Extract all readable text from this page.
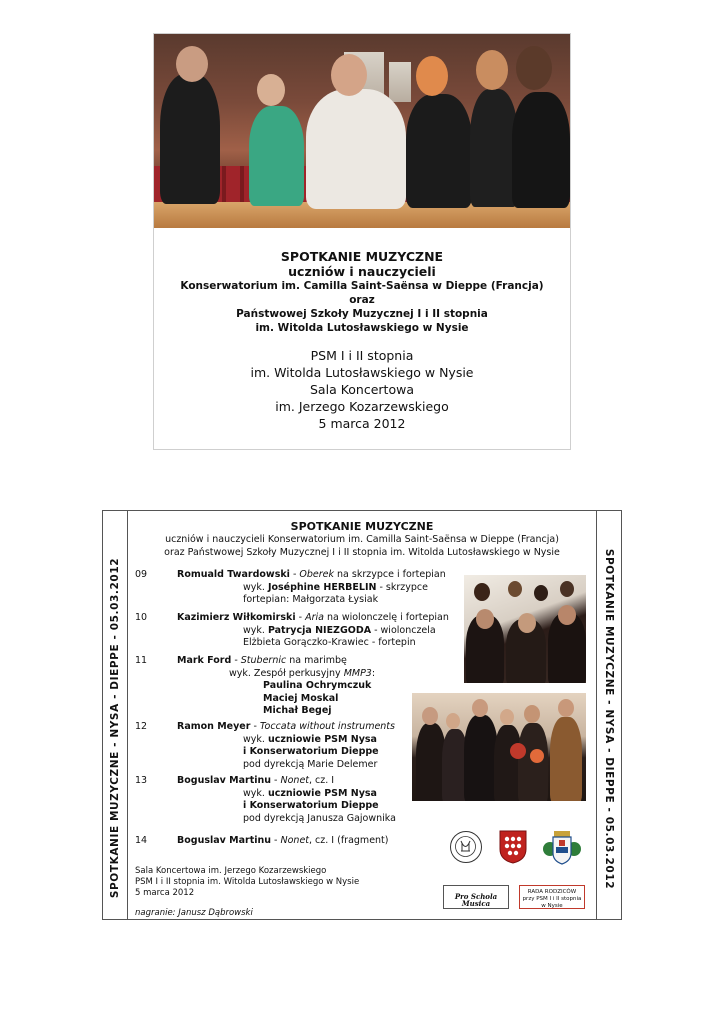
SPOTKANIE MUZYCZNE
uczniów i nauczycieli
Konserwatorium im. Camilla Saint-Saënsa w Dieppe (Francja)
oraz
Państwowej Szkoły Muzycznej I i II stopnia
im. Witolda Lutosławskiego w Nysie
PSM I i II stopnia
im. Witolda Lutosławskiego w Nysie
Sala Koncertowa
im. Jerzego Kozarzewskiego
5 marca 2012
SPOTKANIE MUZYCZNE - NYSA - DIEPPE - 05.03.2012	SPOTKANIE MUZYCZNE - NYSA - DIEPPE - 05.03.2012
SPOTKANIE MUZYCZNE
uczniów i nauczycieli Konserwatorium im. Camilla Saint-Saënsa w Dieppe (Francja)
oraz Państwowej Szkoły Muzycznej I i II stopnia im. Witolda Lutosławskiego w Nysie
09	Romuald Twardowski - Oberek na skrzypce i fortepian
wyk. Joséphine HERBELIN - skrzypce
fortepian: Małgorzata Łysiak
10	Kazimierz Wiłkomirski - Aria na wiolonczelę i fortepian
wyk. Patrycja NIEZGODA - wiolonczela
Elżbieta Gorączko-Krawiec - fortepin
11	Mark Ford - Stubernic na marimbę
wyk. Zespół perkusyjny MMP3:
Paulina Ochrymczuk
Maciej Moskal
Michał Begej
12	Ramon Meyer - Toccata without instruments
wyk. uczniowie PSM Nysa
i Konserwatorium Dieppe
pod dyrekcją Marie Delemer
13	Boguslav Martinu - Nonet, cz. I
wyk. uczniowie PSM Nysa
i Konserwatorium Dieppe
pod dyrekcją Janusza Gajownika
14	Boguslav Martinu - Nonet, cz. I (fragment)
Pro Schola Musica
RADA RODZICÓW
przy PSM I i II stopnia
w Nysie
Sala Koncertowa im. Jerzego Kozarzewskiego
PSM I i II stopnia im. Witolda Lutosławskiego w Nysie
5 marca 2012
nagranie: Janusz Dąbrowski
